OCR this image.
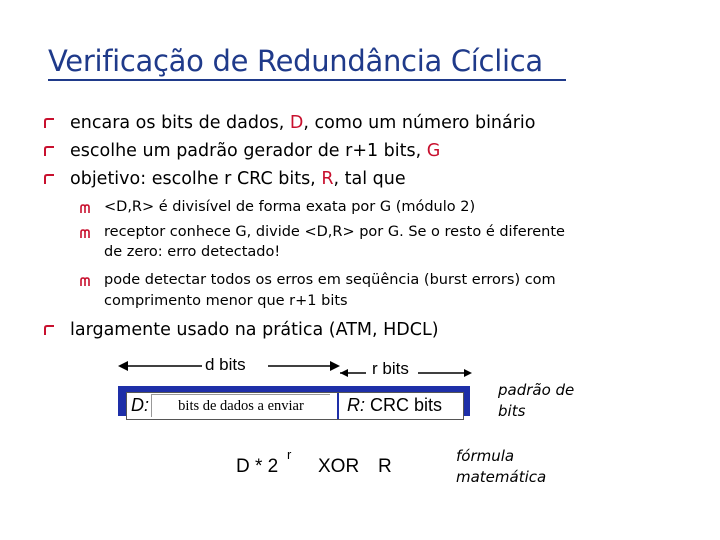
Verificação de Redundância Cíclica
encara os bits de dados, D, como um número binário
escolhe um padrão gerador de r+1 bits, G
objetivo: escolhe r CRC bits, R, tal que
<D,R> é divisível de forma exata por G (módulo 2)
receptor conhece G, divide <D,R> por G. Se o resto é diferente
de zero: erro detectado!
pode detectar todos os erros em seqüência (burst errors) com
comprimento menor que r+1 bits
largamente usado na prática (ATM, HDCL)
d bits	r bits
D:	bits de dados a enviar	R: CRC bits
padrão de
bits
D * 2
r
XOR R	fórmula
matemática
